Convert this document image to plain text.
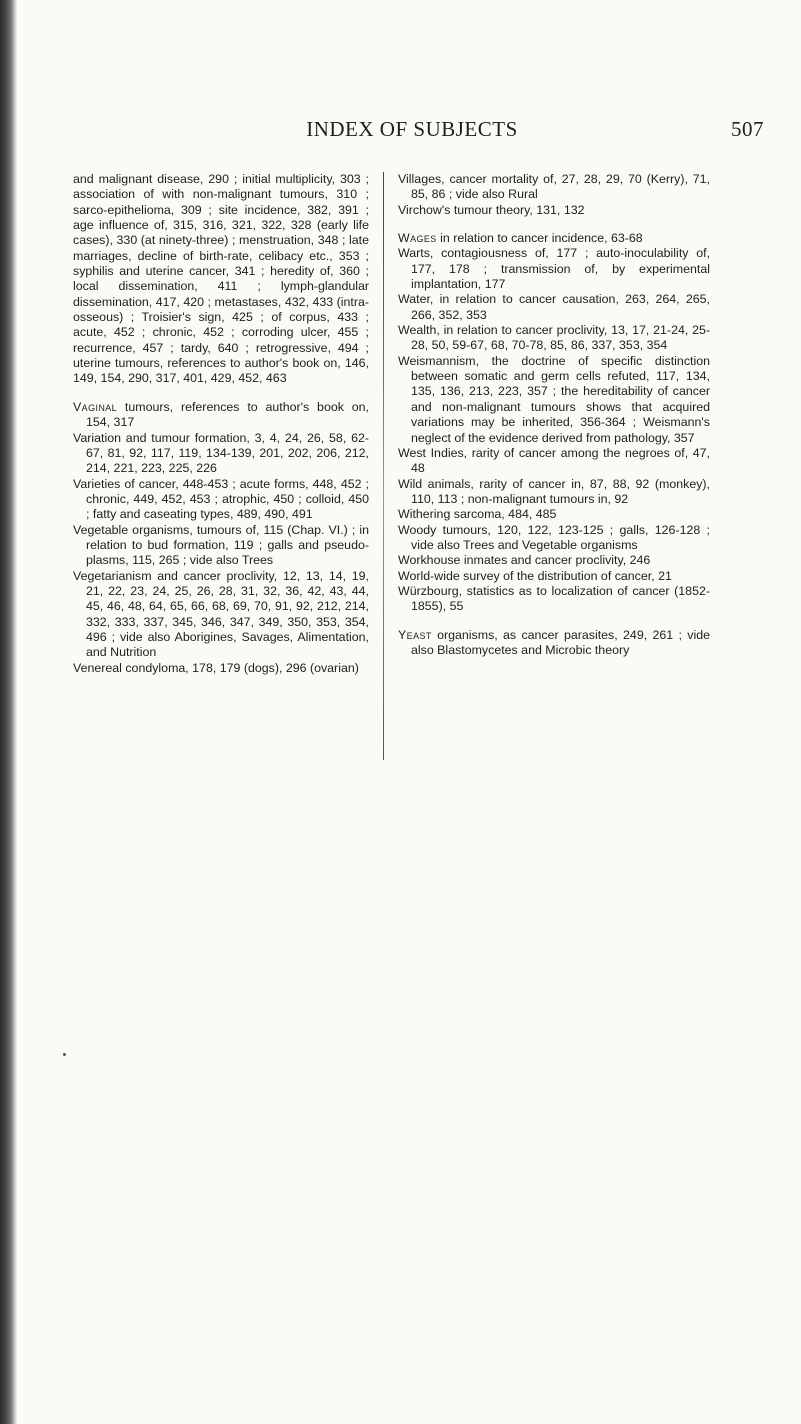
INDEX OF SUBJECTS	507

and malignant disease, 290 ; initial multiplicity, 303 ; association of with non-malignant tumours, 310 ; sarco-epithelioma, 309 ; site incidence, 382, 391 ; age influence of, 315, 316, 321, 322, 328 (early life cases), 330 (at ninety-three) ; menstruation, 348 ; late marriages, decline of birth-rate, celibacy etc., 353 ; syphilis and uterine cancer, 341 ; heredity of, 360 ; local dissemination, 411 ; lymph-glandular dissemination, 417, 420 ; metastases, 432, 433 (intra-osseous) ; Troisier's sign, 425 ; of corpus, 433 ; acute, 452 ; chronic, 452 ; corroding ulcer, 455 ; recurrence, 457 ; tardy, 640 ; retrogressive, 494 ; uterine tumours, references to author's book on, 146, 149, 154, 290, 317, 401, 429, 452, 463

Vaginal tumours, references to author's book on, 154, 317

Variation and tumour formation, 3, 4, 24, 26, 58, 62-67, 81, 92, 117, 119, 134-139, 201, 202, 206, 212, 214, 221, 223, 225, 226

Varieties of cancer, 448-453 ; acute forms, 448, 452 ; chronic, 449, 452, 453 ; atrophic, 450 ; colloid, 450 ; fatty and caseating types, 489, 490, 491

Vegetable organisms, tumours of, 115 (Chap. VI.) ; in relation to bud formation, 119 ; galls and pseudo-plasms, 115, 265 ; vide also Trees

Vegetarianism and cancer proclivity, 12, 13, 14, 19, 21, 22, 23, 24, 25, 26, 28, 31, 32, 36, 42, 43, 44, 45, 46, 48, 64, 65, 66, 68, 69, 70, 91, 92, 212, 214, 332, 333, 337, 345, 346, 347, 349, 350, 353, 354, 496 ; vide also Aborigines, Savages, Alimentation, and Nutrition

Venereal condyloma, 178, 179 (dogs), 296 (ovarian)

Villages, cancer mortality of, 27, 28, 29, 70 (Kerry), 71, 85, 86 ; vide also Rural

Virchow's tumour theory, 131, 132

Wages in relation to cancer incidence, 63-68

Warts, contagiousness of, 177 ; auto-inoculability of, 177, 178 ; transmission of, by experimental implantation, 177

Water, in relation to cancer causation, 263, 264, 265, 266, 352, 353

Wealth, in relation to cancer proclivity, 13, 17, 21-24, 25-28, 50, 59-67, 68, 70-78, 85, 86, 337, 353, 354

Weismannism, the doctrine of specific distinction between somatic and germ cells refuted, 117, 134, 135, 136, 213, 223, 357 ; the hereditability of cancer and non-malignant tumours shows that acquired variations may be inherited, 356-364 ; Weismann's neglect of the evidence derived from pathology, 357

West Indies, rarity of cancer among the negroes of, 47, 48

Wild animals, rarity of cancer in, 87, 88, 92 (monkey), 110, 113 ; non-malignant tumours in, 92

Withering sarcoma, 484, 485

Woody tumours, 120, 122, 123-125 ; galls, 126-128 ; vide also Trees and Vegetable organisms

Workhouse inmates and cancer proclivity, 246

World-wide survey of the distribution of cancer, 21

Würzbourg, statistics as to localization of cancer (1852-1855), 55

Yeast organisms, as cancer parasites, 249, 261 ; vide also Blastomycetes and Microbic theory
